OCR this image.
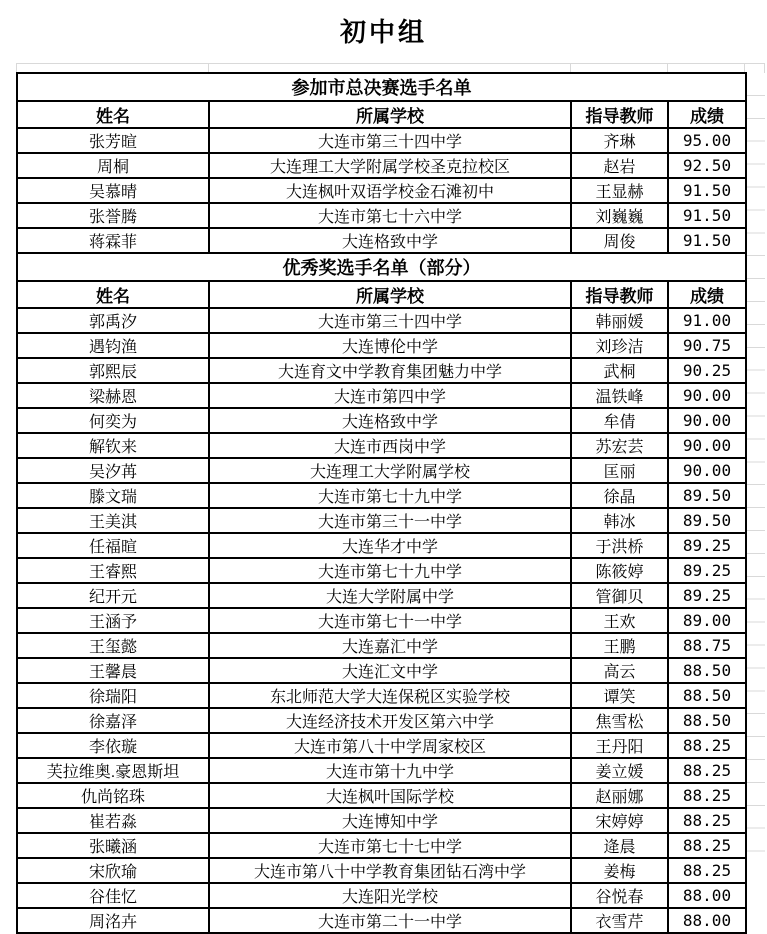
初中组
参加市总决赛选手名单			
姓名	所属学校	指导教师	成绩
张芳暄	大连市第三十四中学	齐琳	95.00
周桐	大连理工大学附属学校圣克拉校区	赵岩	92.50
吴慕晴	大连枫叶双语学校金石滩初中	王显赫	91.50
张誉腾	大连市第七十六中学	刘巍巍	91.50
蒋霖菲	大连格致中学	周俊	91.50
优秀奖选手名单（部分）			
姓名	所属学校	指导教师	成绩
郭禹汐	大连市第三十四中学	韩丽媛	91.00
遇钧渔	大连博伦中学	刘珍洁	90.75
郭熙辰	大连育文中学教育集团魅力中学	武桐	90.25
梁赫恩	大连市第四中学	温铁峰	90.00
何奕为	大连格致中学	牟倩	90.00
解钦来	大连市西岗中学	苏宏芸	90.00
吴汐苒	大连理工大学附属学校	匡丽	90.00
滕文瑞	大连市第七十九中学	徐晶	89.50
王美淇	大连市第三十一中学	韩冰	89.50
任福暄	大连华才中学	于洪桥	89.25
王睿熙	大连市第七十九中学	陈筱婷	89.25
纪开元	大连大学附属中学	管御贝	89.25
王涵予	大连市第七十一中学	王欢	89.00
王玺懿	大连嘉汇中学	王鹏	88.75
王馨晨	大连汇文中学	高云	88.50
徐瑞阳	东北师范大学大连保税区实验学校	谭笑	88.50
徐嘉泽	大连经济技术开发区第六中学	焦雪松	88.50
李依璇	大连市第八十中学周家校区	王丹阳	88.25
芙拉维奥.豪恩斯坦	大连市第十九中学	姜立媛	88.25
仇尚铭珠	大连枫叶国际学校	赵丽娜	88.25
崔若淼	大连博知中学	宋婷婷	88.25
张曦涵	大连市第七十七中学	逄晨	88.25
宋欣瑜	大连市第八十中学教育集团钻石湾中学	姜梅	88.25
谷佳忆	大连阳光学校	谷悦春	88.00
周洺卉	大连市第二十一中学	衣雪芹	88.00
